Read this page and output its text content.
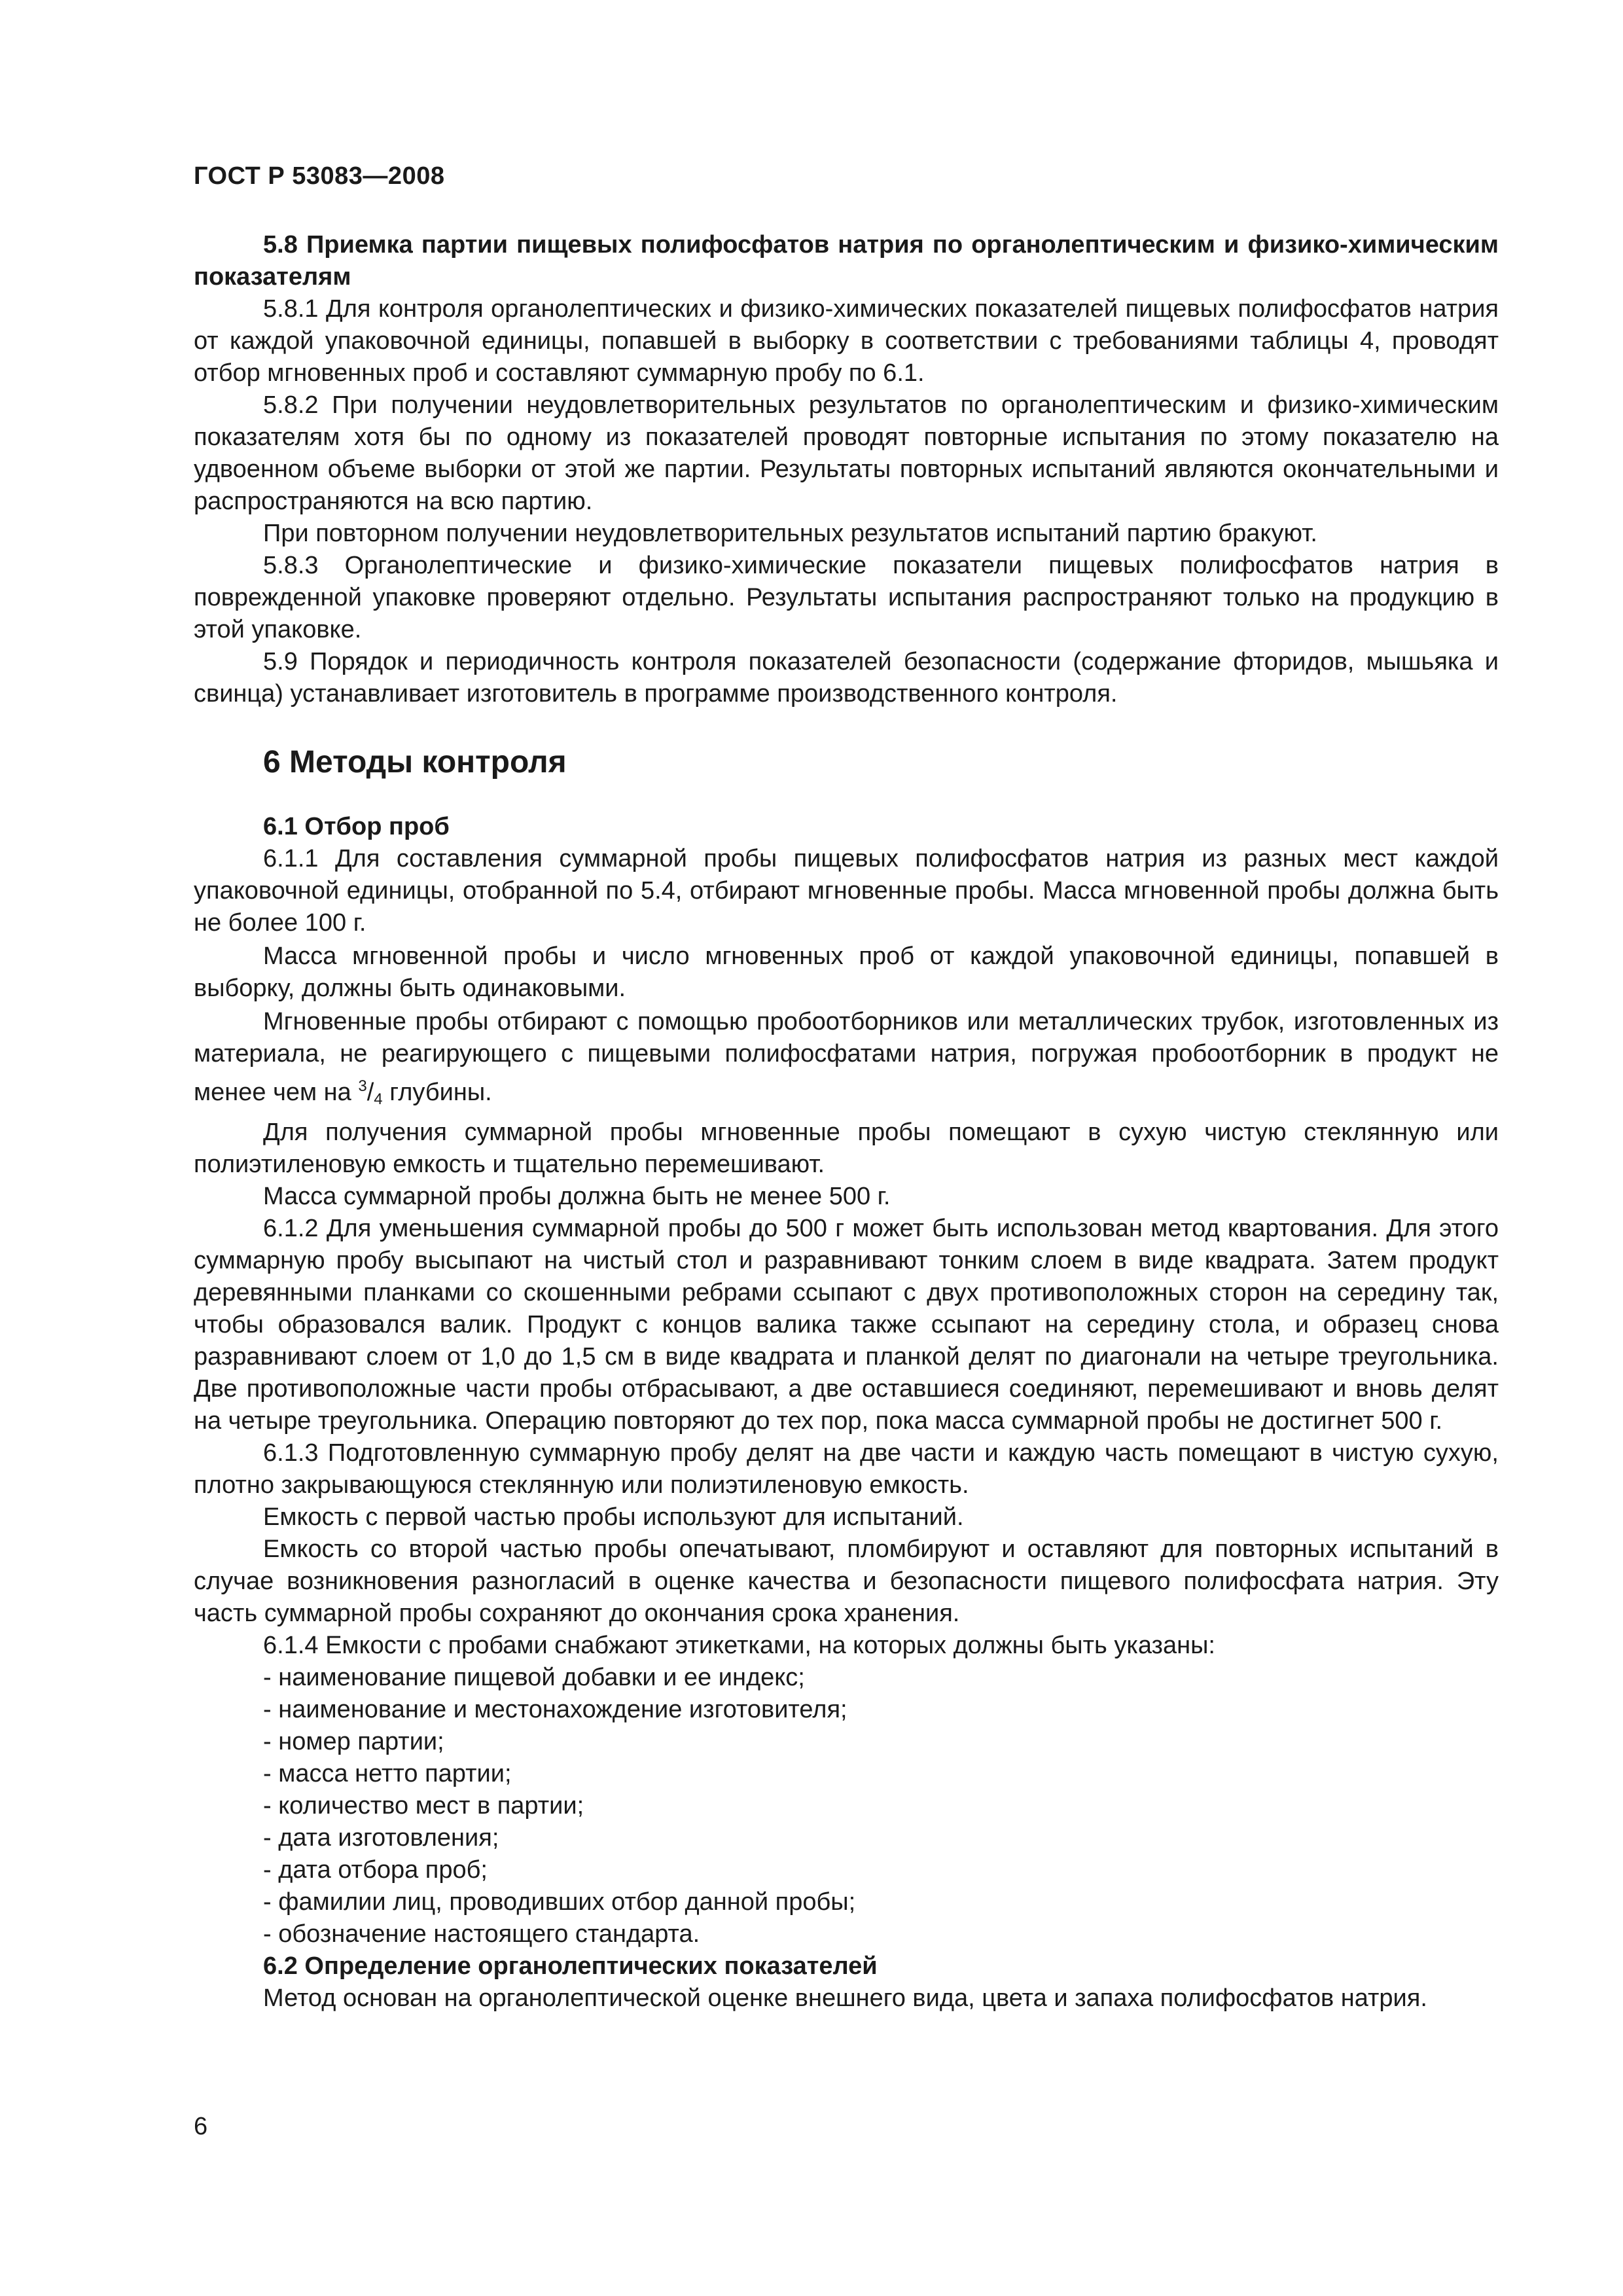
ГОСТ Р 53083—2008

5.8 Приемка партии пищевых полифосфатов натрия по органолептическим и физико-химическим показателям

5.8.1 Для контроля органолептических и физико-химических показателей пищевых полифосфатов натрия от каждой упаковочной единицы, попавшей в выборку в соответствии с требованиями таблицы 4, проводят отбор мгновенных проб и составляют суммарную пробу по 6.1.

5.8.2 При получении неудовлетворительных результатов по органолептическим и физико-химическим показателям хотя бы по одному из показателей проводят повторные испытания по этому показателю на удвоенном объеме выборки от этой же партии. Результаты повторных испытаний являются окончательными и распространяются на всю партию.

При повторном получении неудовлетворительных результатов испытаний партию бракуют.

5.8.3 Органолептические и физико-химические показатели пищевых полифосфатов натрия в поврежденной упаковке проверяют отдельно. Результаты испытания распространяют только на продукцию в этой упаковке.

5.9 Порядок и периодичность контроля показателей безопасности (содержание фторидов, мышьяка и свинца) устанавливает изготовитель в программе производственного контроля.

6 Методы контроля

6.1 Отбор проб

6.1.1 Для составления суммарной пробы пищевых полифосфатов натрия из разных мест каждой упаковочной единицы, отобранной по 5.4, отбирают мгновенные пробы. Масса мгновенной пробы должна быть не более 100 г.

Масса мгновенной пробы и число мгновенных проб от каждой упаковочной единицы, попавшей в выборку, должны быть одинаковыми.

Мгновенные пробы отбирают с помощью пробоотборников или металлических трубок, изготовленных из материала, не реагирующего с пищевыми полифосфатами натрия, погружая пробоотборник в продукт не менее чем на $^3/_4$ глубины.

Для получения суммарной пробы мгновенные пробы помещают в сухую чистую стеклянную или полиэтиленовую емкость и тщательно перемешивают.

Масса суммарной пробы должна быть не менее 500 г.

6.1.2 Для уменьшения суммарной пробы до 500 г может быть использован метод квартования. Для этого суммарную пробу высыпают на чистый стол и разравнивают тонким слоем в виде квадрата. Затем продукт деревянными планками со скошенными ребрами ссыпают с двух противоположных сторон на середину так, чтобы образовался валик. Продукт с концов валика также ссыпают на середину стола, и образец снова разравнивают слоем от 1,0 до 1,5 см в виде квадрата и планкой делят по диагонали на четыре треугольника. Две противоположные части пробы отбрасывают, а две оставшиеся соединяют, перемешивают и вновь делят на четыре треугольника. Операцию повторяют до тех пор, пока масса суммарной пробы не достигнет 500 г.

6.1.3 Подготовленную суммарную пробу делят на две части и каждую часть помещают в чистую сухую, плотно закрывающуюся стеклянную или полиэтиленовую емкость.

Емкость с первой частью пробы используют для испытаний.

Емкость со второй частью пробы опечатывают, пломбируют и оставляют для повторных испытаний в случае возникновения разногласий в оценке качества и безопасности пищевого полифосфата натрия. Эту часть суммарной пробы сохраняют до окончания срока хранения.

6.1.4 Емкости с пробами снабжают этикетками, на которых должны быть указаны:

- наименование пищевой добавки и ее индекс;

- наименование и местонахождение изготовителя;

- номер партии;

- масса нетто партии;

- количество мест в партии;

- дата изготовления;

- дата отбора проб;

- фамилии лиц, проводивших отбор данной пробы;

- обозначение настоящего стандарта.

6.2 Определение органолептических показателей

Метод основан на органолептической оценке внешнего вида, цвета и запаха полифосфатов натрия.

6
